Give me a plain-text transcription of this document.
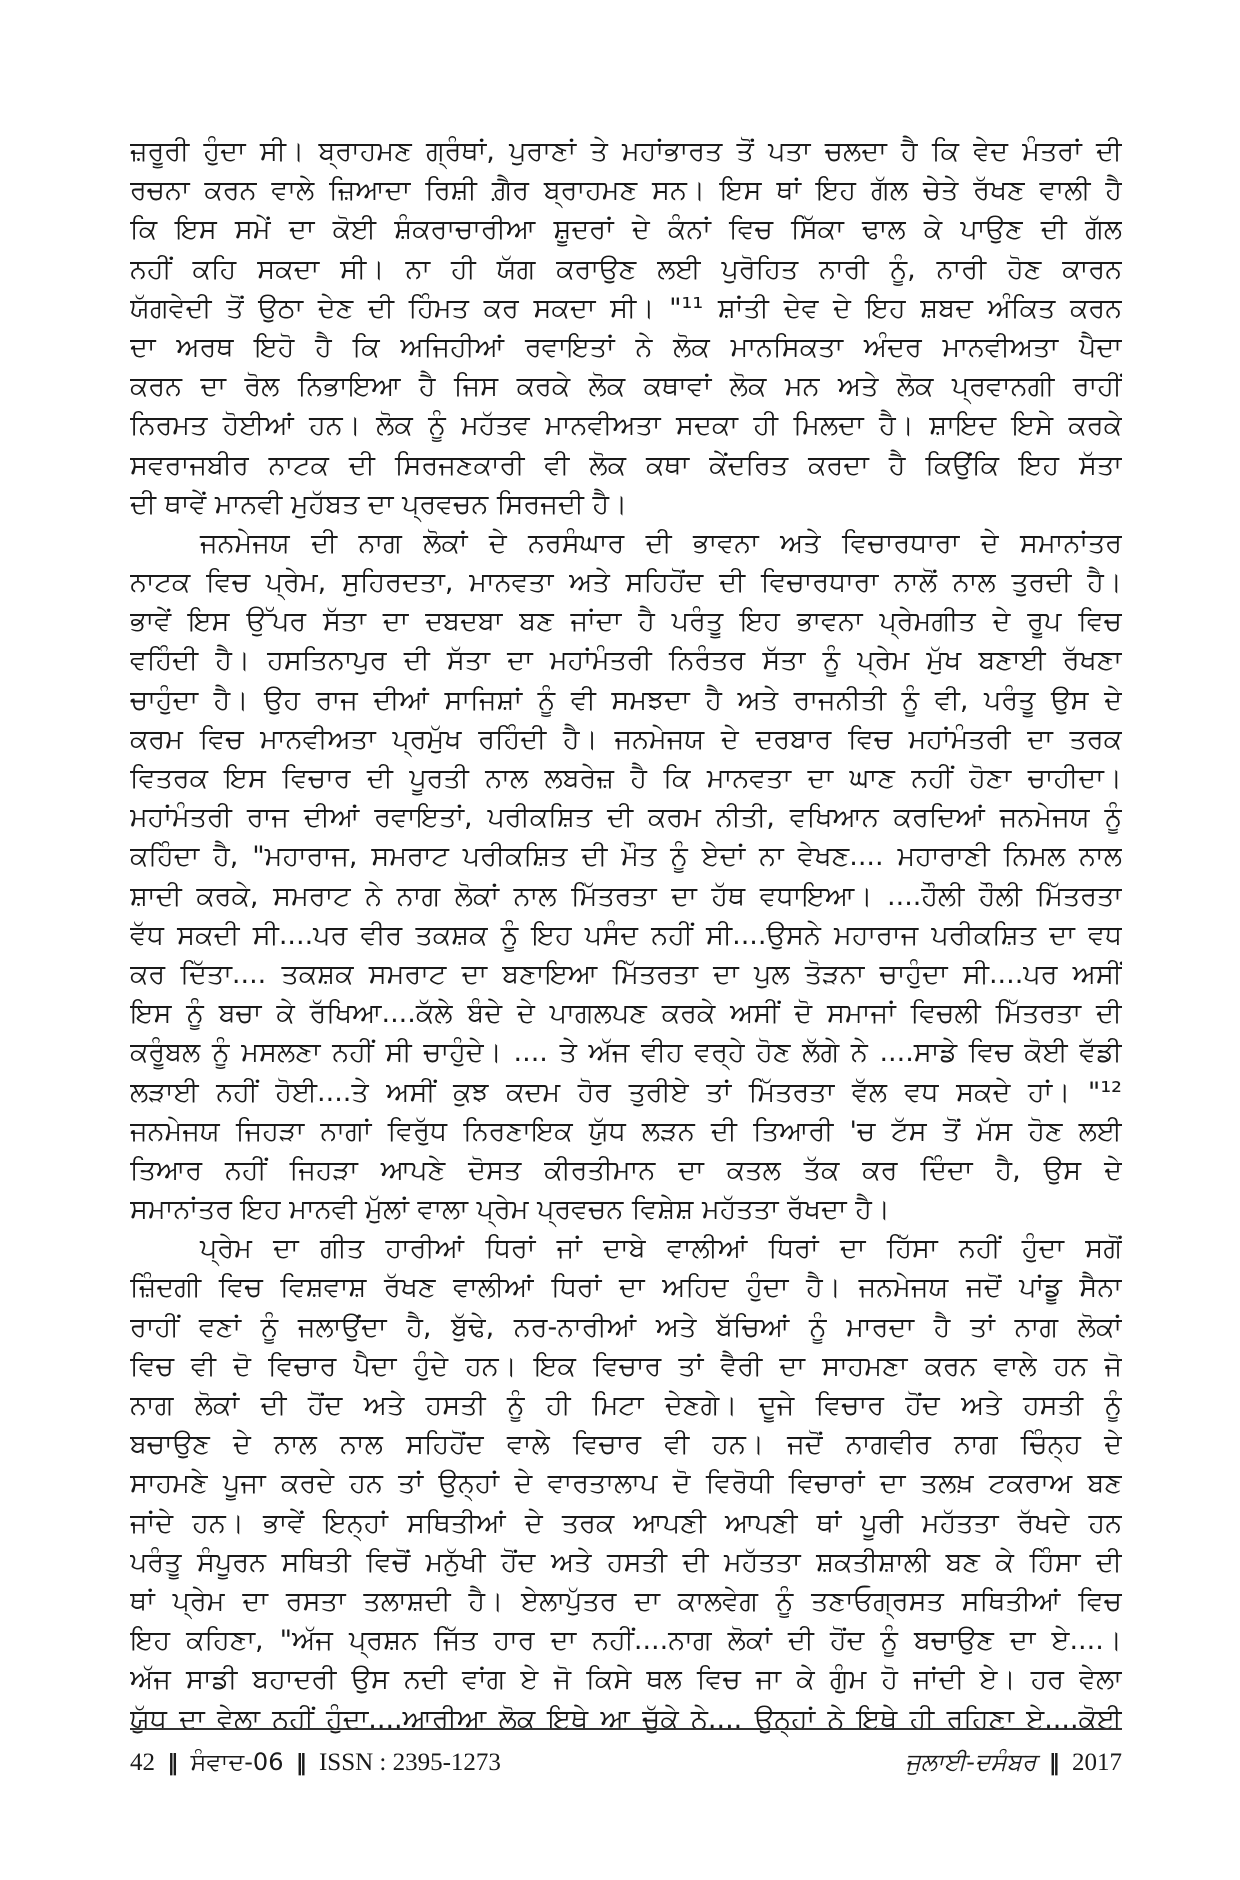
ਜ਼ਰੂਰੀ ਹੁੰਦਾ ਸੀ। ਬ੍ਰਾਹਮਣ ਗ੍ਰੰਥਾਂ, ਪੁਰਾਣਾਂ ਤੇ ਮਹਾਂਭਾਰਤ ਤੋਂ ਪਤਾ ਚਲਦਾ ਹੈ ਕਿ ਵੇਦ ਮੰਤਰਾਂ ਦੀ
ਰਚਨਾ ਕਰਨ ਵਾਲੇ ਜ਼ਿਆਦਾ ਰਿਸ਼ੀ ਗ਼ੈਰ ਬ੍ਰਾਹਮਣ ਸਨ। ਇਸ ਥਾਂ ਇਹ ਗੱਲ ਚੇਤੇ ਰੱਖਣ ਵਾਲੀ ਹੈ
ਕਿ ਇਸ ਸਮੇਂ ਦਾ ਕੋਈ ਸ਼ੰਕਰਾਚਾਰੀਆ ਸ਼ੂਦਰਾਂ ਦੇ ਕੰਨਾਂ ਵਿਚ ਸਿੱਕਾ ਢਾਲ ਕੇ ਪਾਉਣ ਦੀ ਗੱਲ
ਨਹੀਂ ਕਹਿ ਸਕਦਾ ਸੀ। ਨਾ ਹੀ ਯੱਗ ਕਰਾਉਣ ਲਈ ਪੁਰੋਹਿਤ ਨਾਰੀ ਨੂੰ, ਨਾਰੀ ਹੋਣ ਕਾਰਨ
ਯੱਗਵੇਦੀ ਤੋਂ ਉਠਾ ਦੇਣ ਦੀ ਹਿੰਮਤ ਕਰ ਸਕਦਾ ਸੀ। "¹¹ ਸ਼ਾਂਤੀ ਦੇਵ ਦੇ ਇਹ ਸ਼ਬਦ ਅੰਕਿਤ ਕਰਨ
ਦਾ ਅਰਥ ਇਹੋ ਹੈ ਕਿ ਅਜਿਹੀਆਂ ਰਵਾਇਤਾਂ ਨੇ ਲੋਕ ਮਾਨਸਿਕਤਾ ਅੰਦਰ ਮਾਨਵੀਅਤਾ ਪੈਦਾ
ਕਰਨ ਦਾ ਰੋਲ ਨਿਭਾਇਆ ਹੈ ਜਿਸ ਕਰਕੇ ਲੋਕ ਕਥਾਵਾਂ ਲੋਕ ਮਨ ਅਤੇ ਲੋਕ ਪ੍ਰਵਾਨਗੀ ਰਾਹੀਂ
ਨਿਰਮਤ ਹੋਈਆਂ ਹਨ। ਲੋਕ ਨੂੰ ਮਹੱਤਵ ਮਾਨਵੀਅਤਾ ਸਦਕਾ ਹੀ ਮਿਲਦਾ ਹੈ। ਸ਼ਾਇਦ ਇਸੇ ਕਰਕੇ
ਸਵਰਾਜਬੀਰ ਨਾਟਕ ਦੀ ਸਿਰਜਣਕਾਰੀ ਵੀ ਲੋਕ ਕਥਾ ਕੇਂਦਰਿਤ ਕਰਦਾ ਹੈ ਕਿਉਂਕਿ ਇਹ ਸੱਤਾ
ਦੀ ਥਾਵੇਂ ਮਾਨਵੀ ਮੁਹੱਬਤ ਦਾ ਪ੍ਰਵਚਨ ਸਿਰਜਦੀ ਹੈ।
ਜਨਮੇਜਯ ਦੀ ਨਾਗ ਲੋਕਾਂ ਦੇ ਨਰਸੰਘਾਰ ਦੀ ਭਾਵਨਾ ਅਤੇ ਵਿਚਾਰਧਾਰਾ ਦੇ ਸਮਾਨਾਂਤਰ
ਨਾਟਕ ਵਿਚ ਪ੍ਰੇਮ, ਸੁਹਿਰਦਤਾ, ਮਾਨਵਤਾ ਅਤੇ ਸਹਿਹੋਂਦ ਦੀ ਵਿਚਾਰਧਾਰਾ ਨਾਲੋਂ ਨਾਲ ਤੁਰਦੀ ਹੈ।
ਭਾਵੇਂ ਇਸ ਉੱਪਰ ਸੱਤਾ ਦਾ ਦਬਦਬਾ ਬਣ ਜਾਂਦਾ ਹੈ ਪਰੰਤੂ ਇਹ ਭਾਵਨਾ ਪ੍ਰੇਮਗੀਤ ਦੇ ਰੂਪ ਵਿਚ
ਵਹਿੰਦੀ ਹੈ। ਹਸਤਿਨਾਪੁਰ ਦੀ ਸੱਤਾ ਦਾ ਮਹਾਂਮੰਤਰੀ ਨਿਰੰਤਰ ਸੱਤਾ ਨੂੰ ਪ੍ਰੇਮ ਮੁੱਖ ਬਣਾਈ ਰੱਖਣਾ
ਚਾਹੁੰਦਾ ਹੈ। ਉਹ ਰਾਜ ਦੀਆਂ ਸਾਜਿਸ਼ਾਂ ਨੂੰ ਵੀ ਸਮਝਦਾ ਹੈ ਅਤੇ ਰਾਜਨੀਤੀ ਨੂੰ ਵੀ, ਪਰੰਤੂ ਉਸ ਦੇ
ਕਰਮ ਵਿਚ ਮਾਨਵੀਅਤਾ ਪ੍ਰਮੁੱਖ ਰਹਿੰਦੀ ਹੈ। ਜਨਮੇਜਯ ਦੇ ਦਰਬਾਰ ਵਿਚ ਮਹਾਂਮੰਤਰੀ ਦਾ ਤਰਕ
ਵਿਤਰਕ ਇਸ ਵਿਚਾਰ ਦੀ ਪੂਰਤੀ ਨਾਲ ਲਬਰੇਜ਼ ਹੈ ਕਿ ਮਾਨਵਤਾ ਦਾ ਘਾਣ ਨਹੀਂ ਹੋਣਾ ਚਾਹੀਦਾ।
ਮਹਾਂਮੰਤਰੀ ਰਾਜ ਦੀਆਂ ਰਵਾਇਤਾਂ, ਪਰੀਕਸ਼ਿਤ ਦੀ ਕਰਮ ਨੀਤੀ, ਵਖਿਆਨ ਕਰਦਿਆਂ ਜਨਮੇਜਯ ਨੂੰ
ਕਹਿੰਦਾ ਹੈ, "ਮਹਾਰਾਜ, ਸਮਰਾਟ ਪਰੀਕਸ਼ਿਤ ਦੀ ਮੌਤ ਨੂੰ ਏਦਾਂ ਨਾ ਵੇਖਣ.... ਮਹਾਰਾਣੀ ਨਿਮਲ ਨਾਲ
ਸ਼ਾਦੀ ਕਰਕੇ, ਸਮਰਾਟ ਨੇ ਨਾਗ ਲੋਕਾਂ ਨਾਲ ਮਿੱਤਰਤਾ ਦਾ ਹੱਥ ਵਧਾਇਆ। ....ਹੌਲੀ ਹੌਲੀ ਮਿੱਤਰਤਾ
ਵੱਧ ਸਕਦੀ ਸੀ....ਪਰ ਵੀਰ ਤਕਸ਼ਕ ਨੂੰ ਇਹ ਪਸੰਦ ਨਹੀਂ ਸੀ....ਉਸਨੇ ਮਹਾਰਾਜ ਪਰੀਕਸ਼ਿਤ ਦਾ ਵਧ
ਕਰ ਦਿੱਤਾ.... ਤਕਸ਼ਕ ਸਮਰਾਟ ਦਾ ਬਣਾਇਆ ਮਿੱਤਰਤਾ ਦਾ ਪੁਲ ਤੋੜਨਾ ਚਾਹੁੰਦਾ ਸੀ....ਪਰ ਅਸੀਂ
ਇਸ ਨੂੰ ਬਚਾ ਕੇ ਰੱਖਿਆ....ਕੱਲੇ ਬੰਦੇ ਦੇ ਪਾਗਲਪਣ ਕਰਕੇ ਅਸੀਂ ਦੋ ਸਮਾਜਾਂ ਵਿਚਲੀ ਮਿੱਤਰਤਾ ਦੀ
ਕਰੂੰਬਲ ਨੂੰ ਮਸਲਣਾ ਨਹੀਂ ਸੀ ਚਾਹੁੰਦੇ। .... ਤੇ ਅੱਜ ਵੀਹ ਵਰ੍ਹੇ ਹੋਣ ਲੱਗੇ ਨੇ ....ਸਾਡੇ ਵਿਚ ਕੋਈ ਵੱਡੀ
ਲੜਾਈ ਨਹੀਂ ਹੋਈ....ਤੇ ਅਸੀਂ ਕੁਝ ਕਦਮ ਹੋਰ ਤੁਰੀਏ ਤਾਂ ਮਿੱਤਰਤਾ ਵੱਲ ਵਧ ਸਕਦੇ ਹਾਂ। "¹²
ਜਨਮੇਜਯ ਜਿਹੜਾ ਨਾਗਾਂ ਵਿਰੁੱਧ ਨਿਰਣਾਇਕ ਯੁੱਧ ਲੜਨ ਦੀ ਤਿਆਰੀ 'ਚ ਟੱਸ ਤੋਂ ਮੱਸ ਹੋਣ ਲਈ
ਤਿਆਰ ਨਹੀਂ ਜਿਹੜਾ ਆਪਣੇ ਦੋਸਤ ਕੀਰਤੀਮਾਨ ਦਾ ਕਤਲ ਤੱਕ ਕਰ ਦਿੰਦਾ ਹੈ, ਉਸ ਦੇ
ਸਮਾਨਾਂਤਰ ਇਹ ਮਾਨਵੀ ਮੁੱਲਾਂ ਵਾਲਾ ਪ੍ਰੇਮ ਪ੍ਰਵਚਨ ਵਿਸ਼ੇਸ਼ ਮਹੱਤਤਾ ਰੱਖਦਾ ਹੈ।
ਪ੍ਰੇਮ ਦਾ ਗੀਤ ਹਾਰੀਆਂ ਧਿਰਾਂ ਜਾਂ ਦਾਬੇ ਵਾਲੀਆਂ ਧਿਰਾਂ ਦਾ ਹਿੱਸਾ ਨਹੀਂ ਹੁੰਦਾ ਸਗੋਂ
ਜ਼ਿੰਦਗੀ ਵਿਚ ਵਿਸ਼ਵਾਸ਼ ਰੱਖਣ ਵਾਲੀਆਂ ਧਿਰਾਂ ਦਾ ਅਹਿਦ ਹੁੰਦਾ ਹੈ। ਜਨਮੇਜਯ ਜਦੋਂ ਪਾਂਡੂ ਸੈਨਾ
ਰਾਹੀਂ ਵਣਾਂ ਨੂੰ ਜਲਾਉਂਦਾ ਹੈ, ਬੁੱਢੇ, ਨਰ-ਨਾਰੀਆਂ ਅਤੇ ਬੱਚਿਆਂ ਨੂੰ ਮਾਰਦਾ ਹੈ ਤਾਂ ਨਾਗ ਲੋਕਾਂ
ਵਿਚ ਵੀ ਦੋ ਵਿਚਾਰ ਪੈਦਾ ਹੁੰਦੇ ਹਨ। ਇਕ ਵਿਚਾਰ ਤਾਂ ਵੈਰੀ ਦਾ ਸਾਹਮਣਾ ਕਰਨ ਵਾਲੇ ਹਨ ਜੋ
ਨਾਗ ਲੋਕਾਂ ਦੀ ਹੋਂਦ ਅਤੇ ਹਸਤੀ ਨੂੰ ਹੀ ਮਿਟਾ ਦੇਣਗੇ। ਦੂਜੇ ਵਿਚਾਰ ਹੋਂਦ ਅਤੇ ਹਸਤੀ ਨੂੰ
ਬਚਾਉਣ ਦੇ ਨਾਲ ਨਾਲ ਸਹਿਹੋਂਦ ਵਾਲੇ ਵਿਚਾਰ ਵੀ ਹਨ। ਜਦੋਂ ਨਾਗਵੀਰ ਨਾਗ ਚਿੰਨ੍ਹ ਦੇ
ਸਾਹਮਣੇ ਪੂਜਾ ਕਰਦੇ ਹਨ ਤਾਂ ਉਨ੍ਹਾਂ ਦੇ ਵਾਰਤਾਲਾਪ ਦੋ ਵਿਰੋਧੀ ਵਿਚਾਰਾਂ ਦਾ ਤਲਖ਼ ਟਕਰਾਅ ਬਣ
ਜਾਂਦੇ ਹਨ। ਭਾਵੇਂ ਇਨ੍ਹਾਂ ਸਥਿਤੀਆਂ ਦੇ ਤਰਕ ਆਪਣੀ ਆਪਣੀ ਥਾਂ ਪੂਰੀ ਮਹੱਤਤਾ ਰੱਖਦੇ ਹਨ
ਪਰੰਤੂ ਸੰਪੂਰਨ ਸਥਿਤੀ ਵਿਚੋਂ ਮਨੁੱਖੀ ਹੋਂਦ ਅਤੇ ਹਸਤੀ ਦੀ ਮਹੱਤਤਾ ਸ਼ਕਤੀਸ਼ਾਲੀ ਬਣ ਕੇ ਹਿੰਸਾ ਦੀ
ਥਾਂ ਪ੍ਰੇਮ ਦਾ ਰਸਤਾ ਤਲਾਸ਼ਦੀ ਹੈ। ਏਲਾਪੁੱਤਰ ਦਾ ਕਾਲਵੇਗ ਨੂੰ ਤਣਾਓਗ੍ਰਸਤ ਸਥਿਤੀਆਂ ਵਿਚ
ਇਹ ਕਹਿਣਾ, "ਅੱਜ ਪ੍ਰਸ਼ਨ ਜਿੱਤ ਹਾਰ ਦਾ ਨਹੀਂ....ਨਾਗ ਲੋਕਾਂ ਦੀ ਹੋਂਦ ਨੂੰ ਬਚਾਉਣ ਦਾ ਏ....।
ਅੱਜ ਸਾਡੀ ਬਹਾਦਰੀ ਉਸ ਨਦੀ ਵਾਂਗ ਏ ਜੋ ਕਿਸੇ ਥਲ ਵਿਚ ਜਾ ਕੇ ਗੁੰਮ ਹੋ ਜਾਂਦੀ ਏ। ਹਰ ਵੇਲਾ
ਯੁੱਧ ਦਾ ਵੇਲਾ ਨਹੀਂ ਹੁੰਦਾ....ਆਰੀਆ ਲੋਕ ਇਥੇ ਆ ਚੁੱਕੇ ਨੇ.... ਉਨ੍ਹਾਂ ਨੇ ਇਥੇ ਹੀ ਰਹਿਣਾ ਏ....ਕੋਈ
42 ‖ ਸੰਵਾਦ-06 ‖ ISSN : 2395-1273	ਜੁਲਾਈ-ਦਸੰਬਰ ‖ 2017
